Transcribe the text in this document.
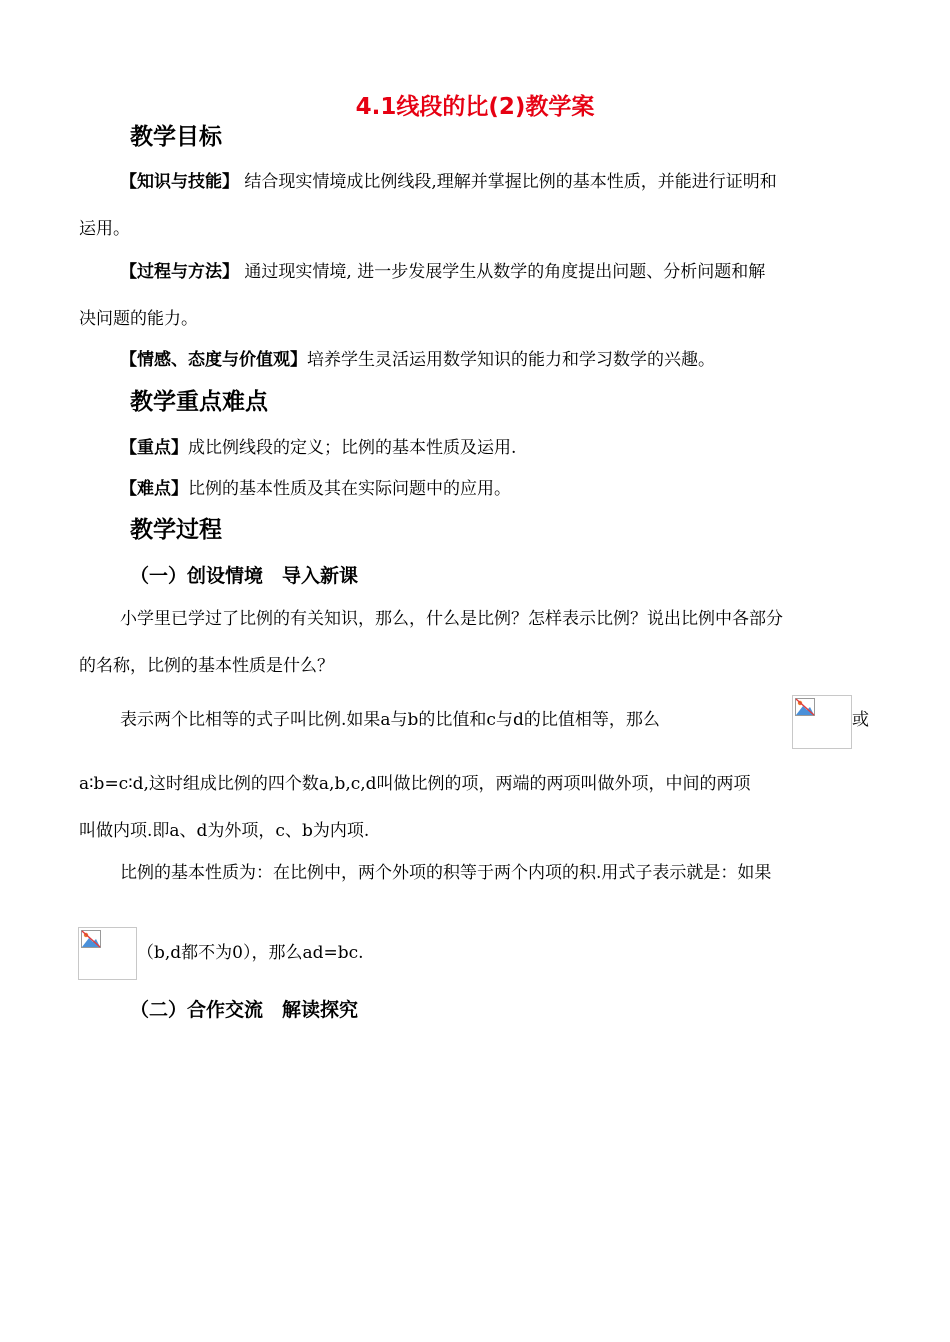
4.1线段的比(2)教学案
教学目标
【知识与技能】 结合现实情境成比例线段,理解并掌握比例的基本性质，并能进行证明和
运用。
【过程与方法】 通过现实情境, 进一步发展学生从数学的角度提出问题、分析问题和解
决问题的能力。
【情感、态度与价值观】培养学生灵活运用数学知识的能力和学习数学的兴趣。
教学重点难点
【重点】成比例线段的定义；比例的基本性质及运用.
【难点】比例的基本性质及其在实际问题中的应用。
教学过程
（一）创设情境　导入新课
小学里已学过了比例的有关知识，那么，什么是比例？怎样表示比例？说出比例中各部分
的名称，比例的基本性质是什么？
表示两个比相等的式子叫比例.如果a与b的比值和c与d的比值相等，那么	或
a∶b=c∶d,这时组成比例的四个数a,b,c,d叫做比例的项，两端的两项叫做外项，中间的两项
叫做内项.即a、d为外项，c、b为内项.
比例的基本性质为：在比例中，两个外项的积等于两个内项的积.用式子表示就是：如果
（b,d都不为0），那么ad=bc.
（二）合作交流　解读探究
